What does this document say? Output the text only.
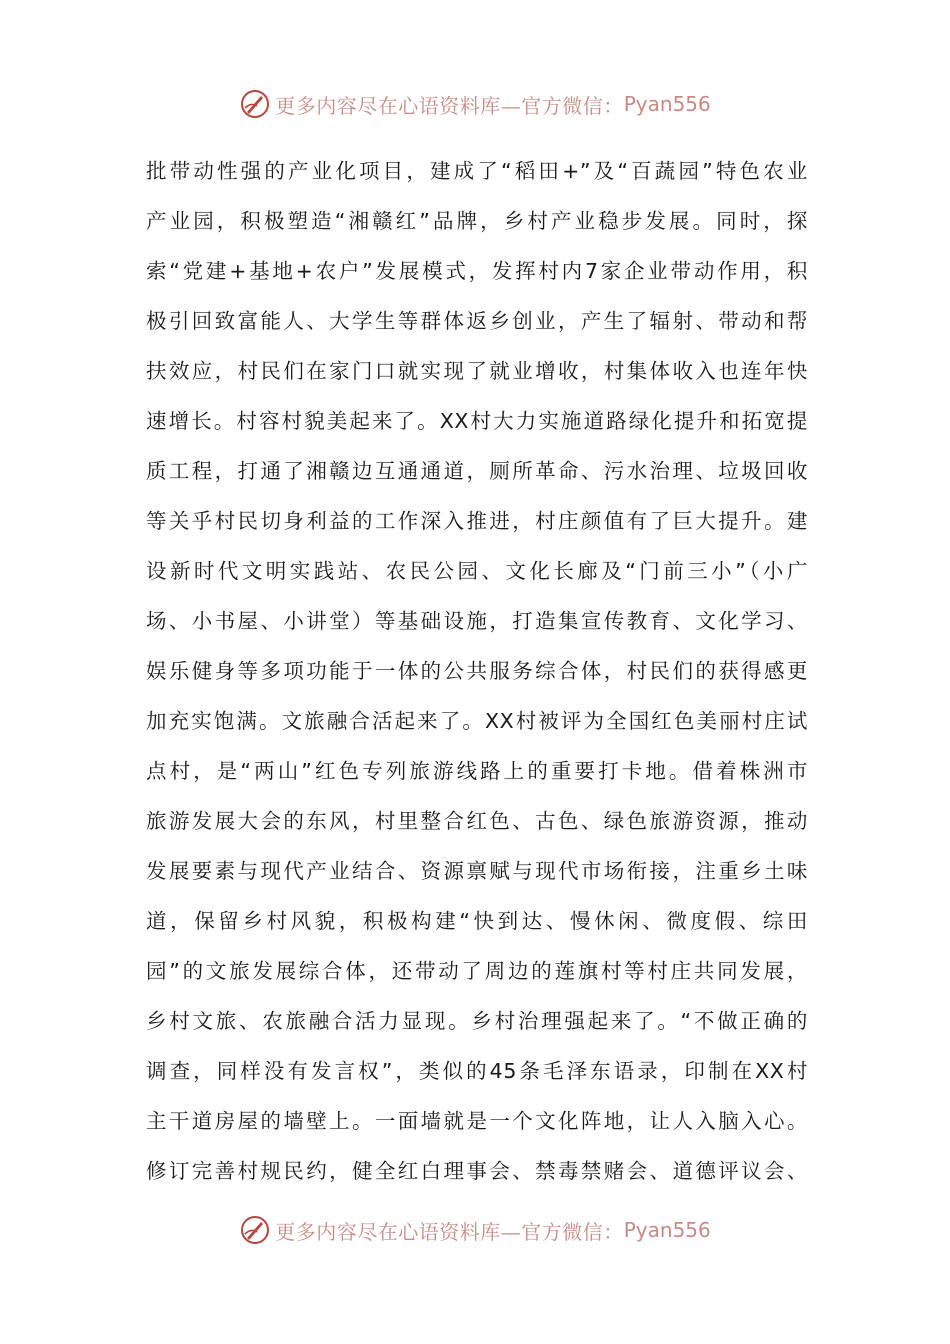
更多内容尽在心语资料库—官方微信： Pyan556
批带动性强的产业化项目，建成了“稻田+”及“百蔬园”特色农业
产业园，积极塑造“湘赣红”品牌，乡村产业稳步发展。同时，探
索“党建+基地+农户”发展模式，发挥村内7家企业带动作用，积
极引回致富能人、大学生等群体返乡创业，产生了辐射、带动和帮
扶效应，村民们在家门口就实现了就业增收，村集体收入也连年快
速增长。村容村貌美起来了。XX村大力实施道路绿化提升和拓宽提
质工程，打通了湘赣边互通通道，厕所革命、污水治理、垃圾回收
等关乎村民切身利益的工作深入推进，村庄颜值有了巨大提升。建
设新时代文明实践站、农民公园、文化长廊及“门前三小”（小广
场、小书屋、小讲堂）等基础设施，打造集宣传教育、文化学习、
娱乐健身等多项功能于一体的公共服务综合体，村民们的获得感更
加充实饱满。文旅融合活起来了。XX村被评为全国红色美丽村庄试
点村，是“两山”红色专列旅游线路上的重要打卡地。借着株洲市
旅游发展大会的东风，村里整合红色、古色、绿色旅游资源，推动
发展要素与现代产业结合、资源禀赋与现代市场衔接，注重乡土味
道，保留乡村风貌，积极构建“快到达、慢休闲、微度假、综田
园”的文旅发展综合体，还带动了周边的莲旗村等村庄共同发展，
乡村文旅、农旅融合活力显现。乡村治理强起来了。“不做正确的
调查，同样没有发言权”，类似的45条毛泽东语录，印制在XX村
主干道房屋的墙壁上。一面墙就是一个文化阵地，让人入脑入心。
修订完善村规民约，健全红白理事会、禁毒禁赌会、道德评议会、
更多内容尽在心语资料库—官方微信： Pyan556
